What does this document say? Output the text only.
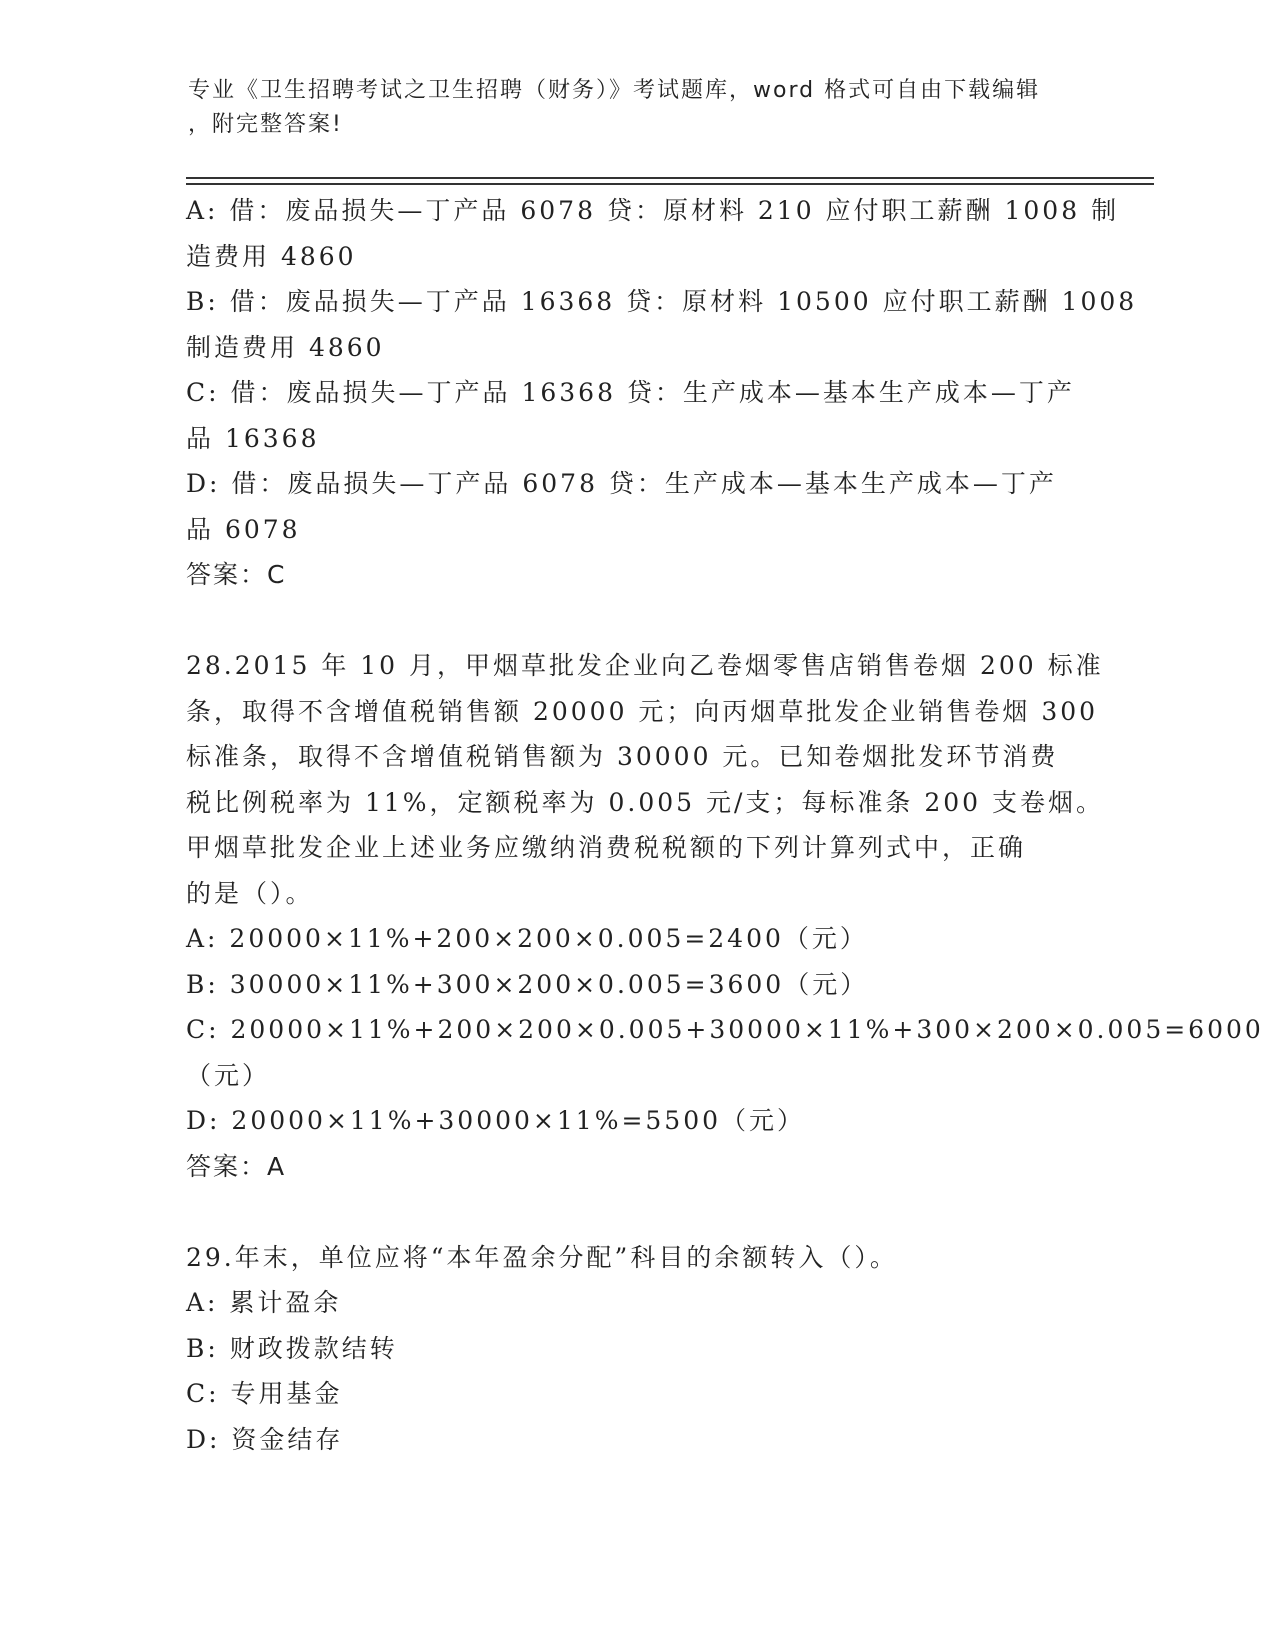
专业《卫生招聘考试之卫生招聘（财务）》考试题库，word 格式可自由下载编辑
，附完整答案!
A: 借：废品损失—丁产品 6078 贷：原材料 210 应付职工薪酬 1008 制
造费用 4860
B: 借：废品损失—丁产品 16368 贷：原材料 10500 应付职工薪酬 1008
制造费用 4860
C: 借：废品损失—丁产品 16368 贷：生产成本—基本生产成本—丁产
品 16368
D: 借：废品损失—丁产品 6078 贷：生产成本—基本生产成本—丁产
品 6078
答案：C
28.2015 年 10 月，甲烟草批发企业向乙卷烟零售店销售卷烟 200 标准
条，取得不含增值税销售额 20000 元；向丙烟草批发企业销售卷烟 300
标准条，取得不含增值税销售额为 30000 元。已知卷烟批发环节消费
税比例税率为 11%，定额税率为 0.005 元/支；每标准条 200 支卷烟。
甲烟草批发企业上述业务应缴纳消费税税额的下列计算列式中，正确
的是（）。
A: 20000×11%+200×200×0.005=2400（元）
B: 30000×11%+300×200×0.005=3600（元）
C: 20000×11%+200×200×0.005+30000×11%+300×200×0.005=6000
（元）
D: 20000×11%+30000×11%=5500（元）
答案：A
29.年末，单位应将“本年盈余分配”科目的余额转入（）。
A: 累计盈余
B: 财政拨款结转
C: 专用基金
D: 资金结存
